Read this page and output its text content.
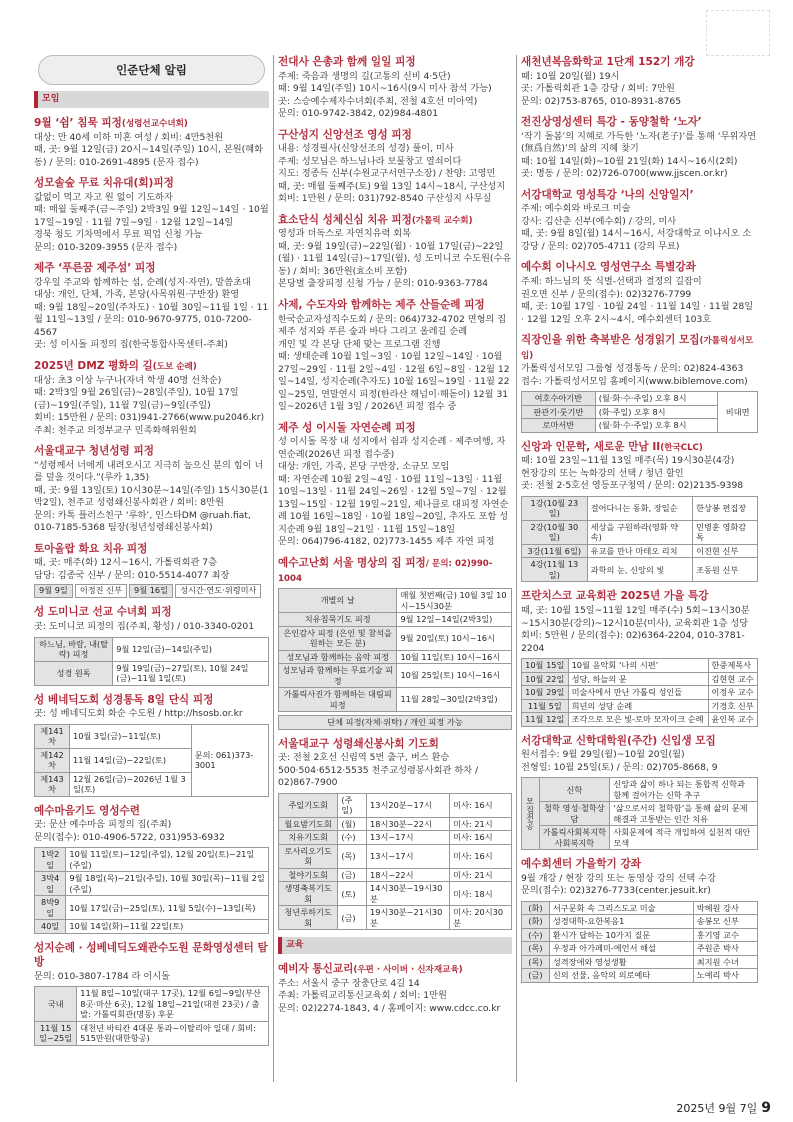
인준단체 알림
모임
9월 ‘쉼’ 침묵 피정(성령선교수녀회)

대상: 만 40세 이하 미혼 여성 / 회비: 4만5천원

때, 곳: 9월 12일(금) 20시~14일(주일) 10시, 본원(혜화동) / 문의: 010-2691-4895 (문자 접수)

성모솔숲 무료 치유대(회)피정

값없이 먹고 자고 원 없이 기도하자

때: 매월 둘째주(금~주일) 2박3일 9월 12일~14일 · 10월 17일~19일 · 11월 7일~9일 · 12월 12일~14일

경북 청도 기차역에서 무료 픽업 신청 가능

문의: 010-3209-3955 (문자 접수)

제주 ‘푸른꿈 제주섬’ 피정

강우일 주교와 함께하는 섬, 순례(성지·자연), 말씀초대

대상: 개인, 단체, 가족, 본당(사목위원·구반장) 환영

때: 9월 18일~20일(주차도) · 10월 30일~11월 1일 · 11월 11일~13일 / 문의: 010-9670-9775, 010-7200-4567

곳: 성 이시돌 피정의 집(한국통합사목센터-주최)

2025년 DMZ 평화의 길(도보 순례)

대상: 초3 이상 누구나(자녀 학생 40명 선착순)

때: 2박3일 9월 26일(금)~28일(주일), 10월 17일(금)~19일(주일), 11월 7일(금)~9일(주일)

회비: 15만원 / 문의: 031)941-2766(www.pu2046.kr)

주최: 천주교 의정부교구 민족화해위원회

서울대교구 청년성령 피정

“성령께서 너에게 내려오시고 지극히 높으신 분의 힘이 너를 덮을 것이다.”(루카 1,35)

때, 곳: 9월 13일(토) 10시30분~14일(주일) 15시30분(1박2일), 천주교 성령쇄신봉사회관 / 회비: 8만원

문의: 카톡 플러스친구 ‘루하’, 인스타DM @ruah.fiat, 010-7185-5368 팀장(청년성령쇄신봉사회)

토아올랍 화요 치유 피정

때, 곳: 매주(화) 12시~16시, 가톨릭회관 7층

담당: 김종국 신부 / 문의: 010-5514-4077 최장

9월 9일 이정진 신부 9월 16일 성시간·연도·위령미사
성 도미니코 선교 수녀회 피정

곳: 도미니코 피정의 집(주최, 황성) / 010-3340-0201

하느님, 바람, 내(탈락) 피정	9월 12일(금)~14일(주일)
성경 원독	9월 19일(금)~27일(토), 10월 24일(금)~11월 1일(토)
성 베네딕도회 성경통독 8일 단식 피정

곳: 성 베네딕도회 화순 수도원 / http://hsosb.or.kr

제141차	10월 3일(금)~11일(토)	문의: 061)373-3001
제142차	11월 14일(금)~22일(토)	
제143차	12월 26일(금)~2026년 1월 3일(토)	
예수마음기도 영성수련

곳: 문산 예수마음 피정의 집(주최)

문의(접수): 010-4906-5722, 031)953-6932

1박2일	10월 11일(토)~12일(주일), 12월 20일(토)~21일(주일)
3박4일	9월 18일(목)~21일(주일), 10월 30일(목)~11월 2일(주일)
8박9일	10월 17일(금)~25일(토), 11월 5일(수)~13일(목)
40일	10월 14일(화)~11월 22일(토)
성지순례 · 성베네딕도왜관수도원 문화영성센터 탐방

문의: 010-3807-1784 라 이시돌

국내	11월 8일~10일(대구 17곳), 12월 6일~9일(부산 8곳·마산 6곳), 12월 18일~21일(대전 23곳) / 출발: 가톨릭회관(명동) 후문
11월 15일~25일	대천년 바티칸 4대문 통과~이탈리아 일대 / 회비: 515만원(대한항공)
전대사 은총과 함께 일일 피정

주제: 죽음과 생명의 길(고통의 신비 4·5단)

때: 9월 14일(주일) 10시~16시(9시 미사 참석 가능)

곳: 스승예수제자수녀회(주최, 전철 4호선 미아역)

문의: 010-9742-3842, 02)984-4801

구산성지 신앙선조 영성 피정

내용: 성경필사(신앙선조의 성경) 풀이, 미사

주제: 성모님은 하느님나라 보물창고 열쇠이다

지도: 정종득 신부(수원교구서연구소장) / 찬양: 고영민

때, 곳: 매월 둘째주(토) 9월 13일 14시~18시, 구산성지

회비: 1만원 / 문의: 031)792-8540 구산성지 사무실

효소단식 성체신심 치유 피정(가톨릭 교수회)

영성과 더독스로 자연치유력 회복

때, 곳: 9월 19일(금)~22일(월) · 10월 17일(금)~22일(월) · 11월 14일(금)~17일(월), 성 도미니코 수도원(수유동) / 회비: 36만원(효소비 포함)

본당별 출장피정 신청 가능 / 문의: 010-9363-7784

사제, 수도자와 함께하는 제주 산들순례 피정

한국순교자성직수도회 / 문의: 064)732-4702 면형의 집

제주 성지와 푸른 숲과 바다 그리고 올레길 순례

개인 및 각 본당 단체 맞는 프로그램 진행

때: 생태순례 10월 1일~3일 · 10월 12일~14일 · 10월 27일~29일 · 11월 2일~4일 · 12월 6일~8일 · 12월 12일~14일, 성지순례(추자도) 10월 16일~19일 · 11월 22일~25일, 연말연시 피정(한라산 해넘이·해돋이) 12월 31일~2026년 1월 3일 / 2026년 피정 접수 중

제주 성 이시돌 자연순례 피정

성 이시돌 목장 내 성지에서 쉼과 성지순례 · 제주여행, 자연순례(2026년 피정 접수중)

대상: 개인, 가족, 본당 구반장, 소규모 모임

때: 자연순례 10월 2일~4일 · 10월 11일~13일 · 11월 10일~13일 · 11월 24일~26일 · 12월 5일~7일 · 12월 13일~15일 · 12월 19일~21일, 제나클로 대피정 자연순례 10월 16일~18일 · 10월 18일~20일, 추자도 포함 성지순례 9월 18일~21일 · 11월 15일~18일

문의: 064)796-4182, 02)773-1455 제주 자연 피정

예수고난회 서울 명상의 집 피정/ 문의: 02)990-1004
개별의 날	매월 첫번째(금) 10월 3일 10시~15시30분
치유침묵기도 피정	9월 12일~14일(2박3일)
은인감사 피정 (은인 및 참석을 원하는 모든 분)	9월 20일(토) 10시~16시
성모님과 함께하는 음악 피정	10월 11일(토) 10시~16시
성모님과 함께하는 무료기술 피정	10월 25일(토) 10시~16시
가톨릭사진가 함께하는 대림피 피정	11월 28일~30일(2박3일)
단체 피정(자체·위탁) / 개인 피정 가능
서울대교구 성령쇄신봉사회 기도회

곳: 전철 2호선 신림역 5번 출구, 버스 환승 500·504·6512·5535 천주교성령봉사회관 하차 / 02)867-7900

주일기도회	(주일)	13시20분~17시	미사: 16시
월요밤기도회	(월)	18시30분~22시	미사: 21시
치유기도회	(수)	13시~17시	미사: 16시
로사리오기도회	(목)	13시~17시	미사: 16시
철야기도회	(금)	18시~22시	미사: 21시
생명축복기도회	(토)	14시30분~19시30분	미사: 18시
청년루하기도회	(금)	19시30분~21시30분	미사: 20시30분
교육
예비자 통신교리(우편 · 사이버 · 신자재교육)

주소: 서울시 중구 장충단로 4길 14

주최: 가톨릭교리통신교육회 / 회비: 1만원

문의: 02)2274-1843, 4 / 홈페이지: www.cdcc.co.kr

새천년복음화학교 1단계 152기 개강

때: 10월 20일(월) 19시

곳: 가톨릭회관 1층 강당 / 회비: 7만원

문의: 02)753-8765, 010-8931-8765

전진상영성센터 특강 - 동양철학 ‘노자’

‘작기 돌봄’의 지혜로 가득한 ‘노자(老子)’를 통해 ‘무위자연(無爲自然)’의 삶의 지혜 찾기

때: 10월 14일(화)~10월 21일(화) 14시~16시(2회)

곳: 명동 / 문의: 02)726-0700(www.jjscen.or.kr)

서강대학교 영성특강 ‘나의 신앙일지’

주제: 예수회와 바로크 미술

강사: 김산춘 신부(예수회) / 강의, 미사

때, 곳: 9월 8일(월) 14시~16시, 서강대학교 이냐시오 소강당 / 문의: 02)705-4711 (강의 무료)

예수회 이나시오 영성연구소 특별강좌

주제: 하느님의 뜻 식별-선택과 결정의 길잡이

권오면 신부 / 문의(접수): 02)3276-7799

때, 곳: 10월 17일 · 10월 24일 · 11월 14일 · 11월 28일 · 12월 12일 오후 2시~4시, 예수회센터 103호

직장인을 위한 축복받은 성경읽기 모집(가톨릭성서모임)

가톨릭성서모임 그룹형 성경통독 / 문의: 02)824-4363

접수: 가톨릭성서모임 홈페이지(www.biblemove.com)

여호수아기반	(월·화·수·주일) 오후 8시	비대면
판관기·룻기반	(화·주일) 오후 8시	
로마서반	(월·화·수·주일) 오후 8시	
신앙과 인문학, 새로운 만남 II(한국CLC)

때: 10월 23일~11월 13일 매주(목) 19시30분(4강)

현장강의 또는 녹화강의 선택 / 청년 할인

곳: 전철 2·5호선 영등포구청역 / 문의: 02)2135-9398

1강(10월 23일)	걸어다니는 동화, 장일순	한상봉 편집장
2강(10월 30일)	세상을 구원하라(영화 약속)	민병훈 영화감독
3강(11월 6일)	유교를 만나 마테오 리치	이진현 신부
4강(11월 13일)	과학의 눈, 신앙의 빛	조동원 신부
프란치스코 교육회관 2025년 가을 특강

때, 곳: 10월 15일~11월 12일 매주(수) 5회~13시30분~15시30분(강의)~12시10분(미사), 교육회관 1층 성당

회비: 5만원 / 문의(접수): 02)6364-2204, 010-3781-2204

10월 15일	10월 음악회 ‘나의 시편’	한중제목사
10월 22일	성당, 하늘의 문	김현현 교수
10월 29일	미술사에서 만난 가톨릭 성인들	이정우 교수
11월 5일	희년의 성당 순례	기경호 신부
11월 12일	조각으로 모은 빛-로마 모자이크 순례	윤인복 교수
서강대학교 신학대학원(주간) 신입생 모집

원서접수: 9월 29일(월)~10월 20일(월)

전형일: 10월 25일(토) / 문의: 02)705-8668, 9

모집전공	신학	신앙과 삶이 하나 되는 통합적 신학과 함께 걸어가는 신학 추구
	철학 영성·철학상담	‘삶으로서의 철학함’을 통해 삶의 문제 해결과 고통받는 인간 치유
	가톨릭사회복지학 사회복지학	사회문제에 적극 개입하여 실천적 대안 모색
예수회센터 가을학기 강좌

9월 개강 / 현장 강의 또는 동영상 강의 선택 수강

문의(접수): 02)3276-7733(center.jesuit.kr)

(화)	서구문화 속 그리스도교 미술	박혜원 강사
(화)	성경대학-요한복음1	송봉모 신부
(수)	환시가 답하는 10가지 질문	홍기영 교수
(목)	우정과 아가페미-에언서 해설	주원준 박사
(목)	성격장애와 영성생활	최지원 수녀
(금)	신의 선물, 음악의 의로예타	노예리 박사
2025년 9월 7일 9
